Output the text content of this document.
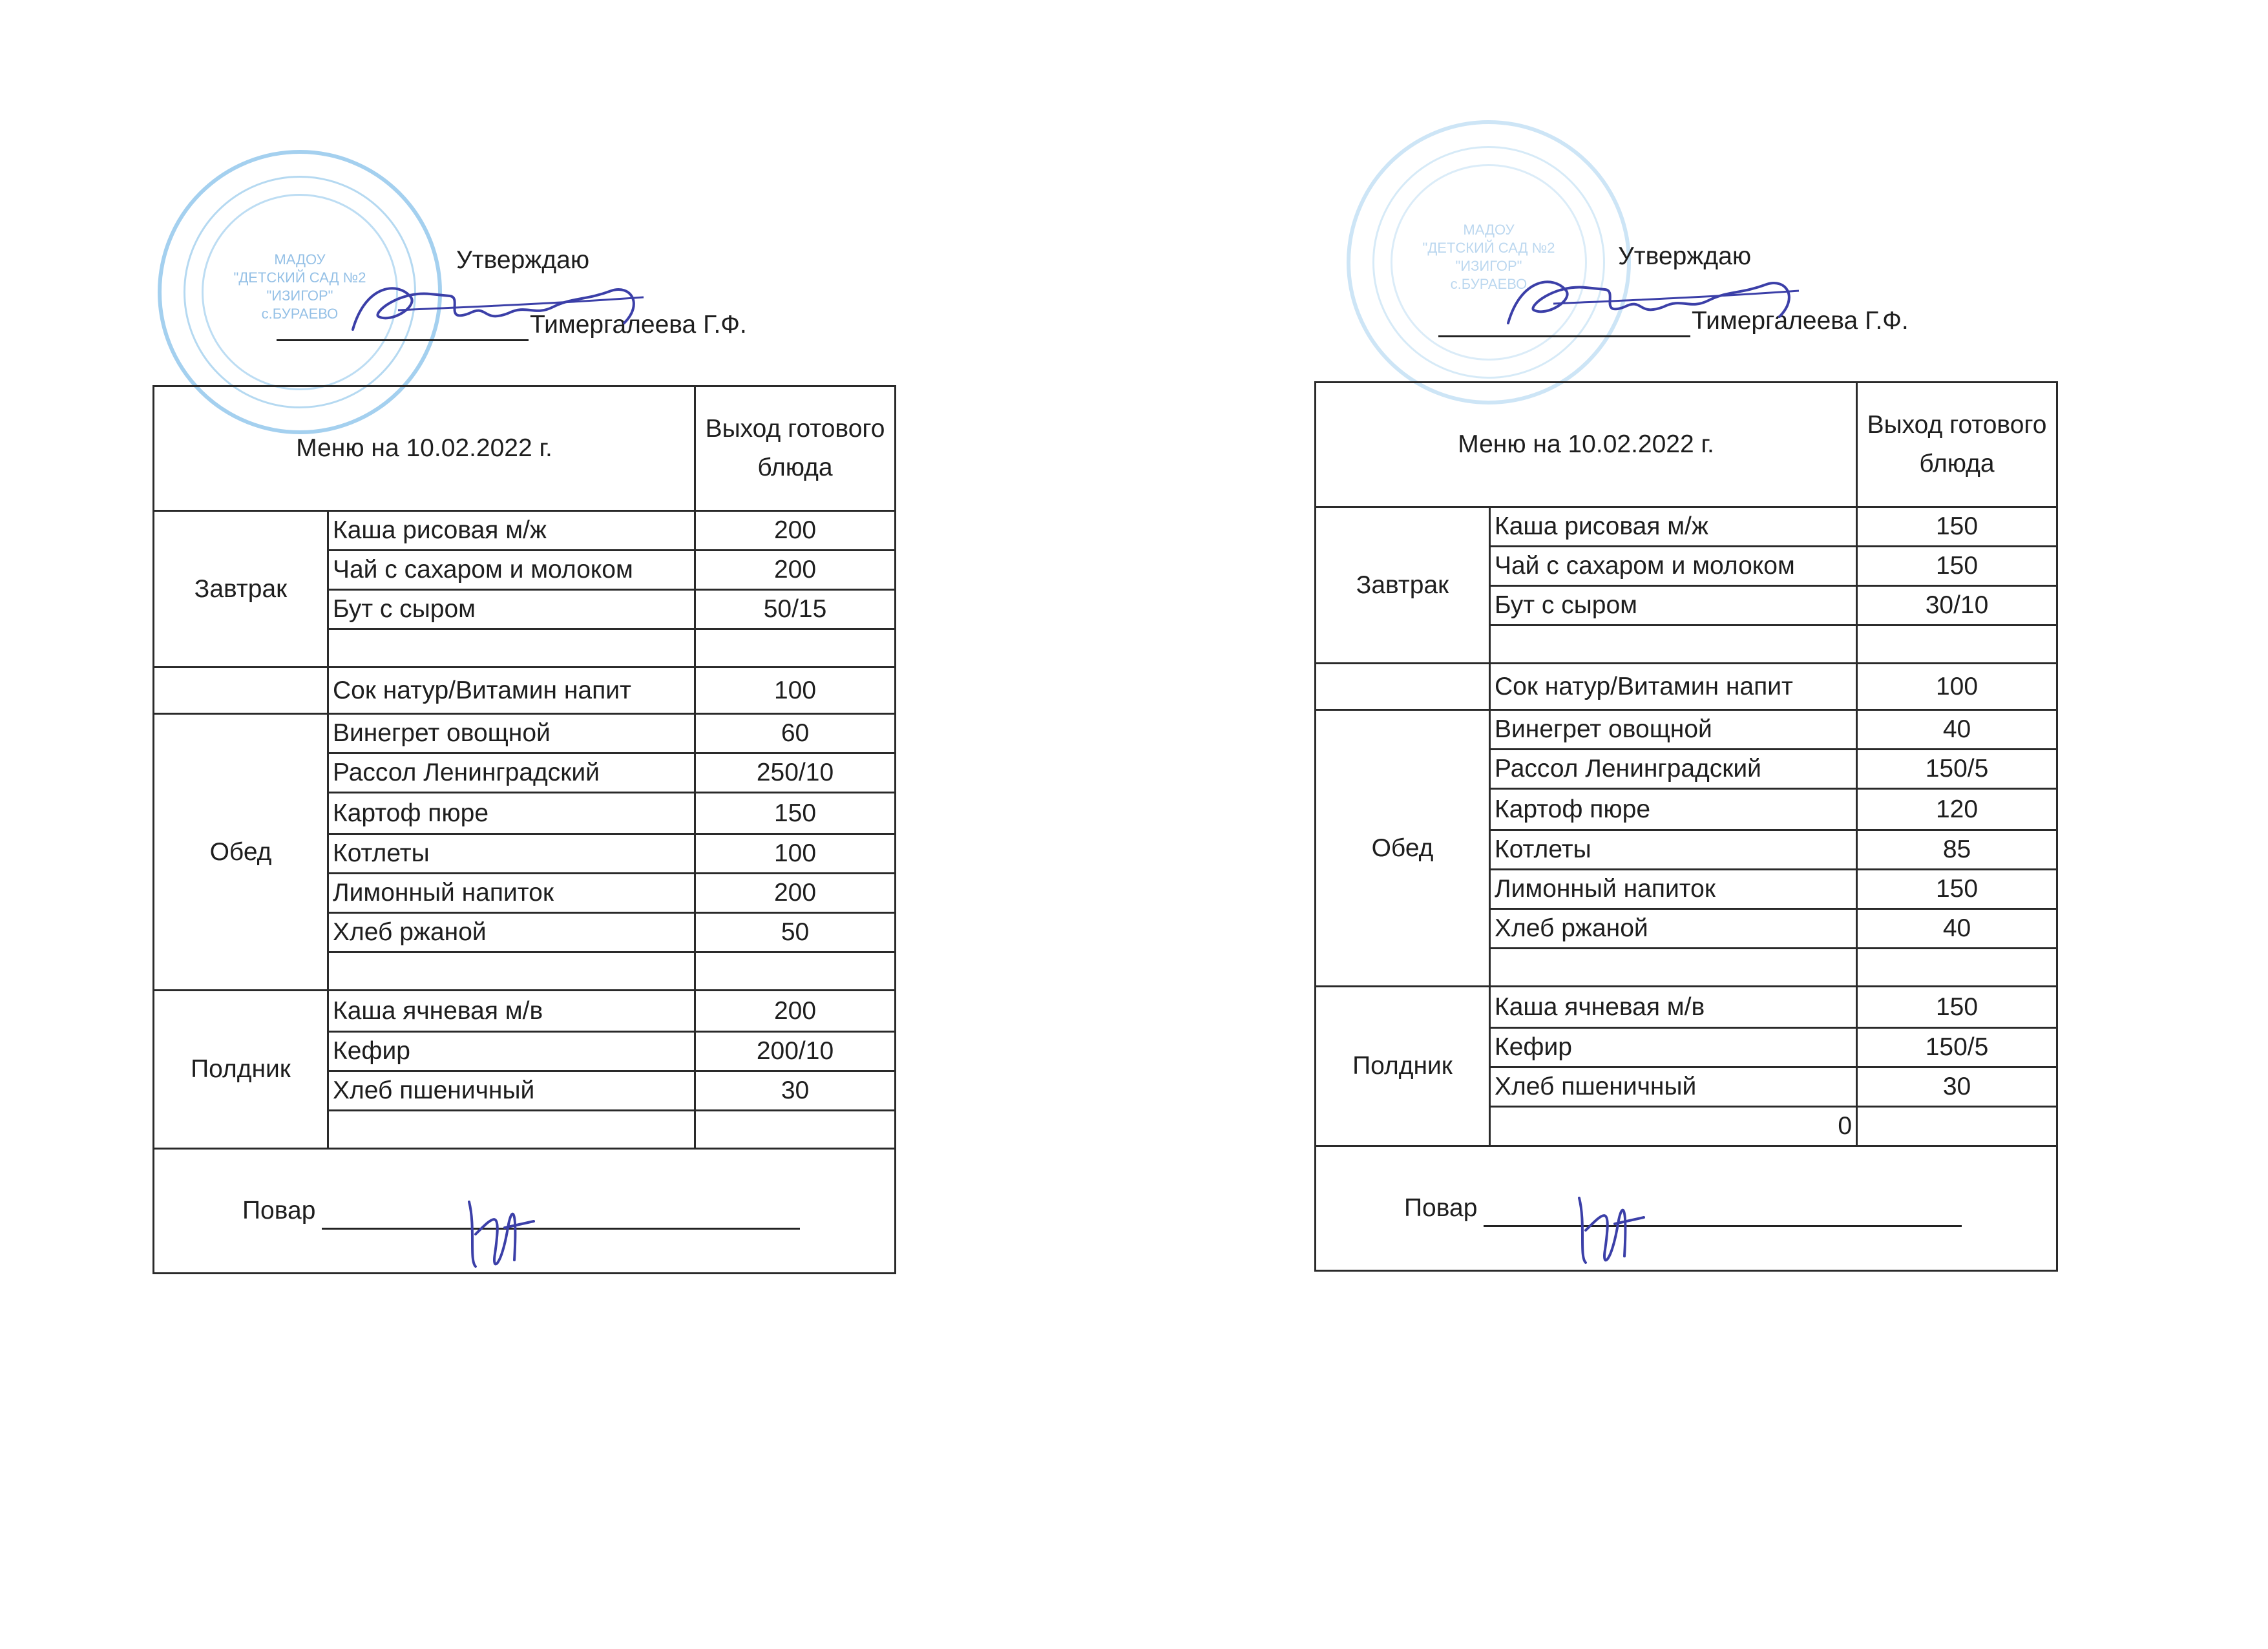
МАДОУ
"ДЕТСКИЙ САД №2
"ИЗИГОР"
с.БУРАЕВО
Утверждаю
Тимергалеева Г.Ф.
Меню на 10.02.2022 г.		Выход готового блюда
Завтрак	Каша рисовая м/ж	200
	Чай с сахаром и молоком	200
	Бут с сыром	50/15

	Сок натур/Витамин напит	100
Обед	Винегрет овощной	60
	Рассол Ленинградский	250/10
	Картоф пюре	150
	Котлеты	100
	Лимонный напиток	200
	Хлеб ржаной	50

Полдник	Каша ячневая м/в	200
	Кефир	200/10
	Хлеб пшеничный	30

Повар		
МАДОУ
"ДЕТСКИЙ САД №2
"ИЗИГОР"
с.БУРАЕВО
Утверждаю
Тимергалеева Г.Ф.
Меню на 10.02.2022 г.		Выход готового блюда
Завтрак	Каша рисовая м/ж	150
	Чай с сахаром и молоком	150
	Бут с сыром	30/10

	Сок натур/Витамин напит	100
Обед	Винегрет овощной	40
	Рассол Ленинградский	150/5
	Картоф пюре	120
	Котлеты	85
	Лимонный напиток	150
	Хлеб ржаной	40

Полдник	Каша ячневая м/в	150
	Кефир	150/5
	Хлеб пшеничный	30
	0	

Повар		
